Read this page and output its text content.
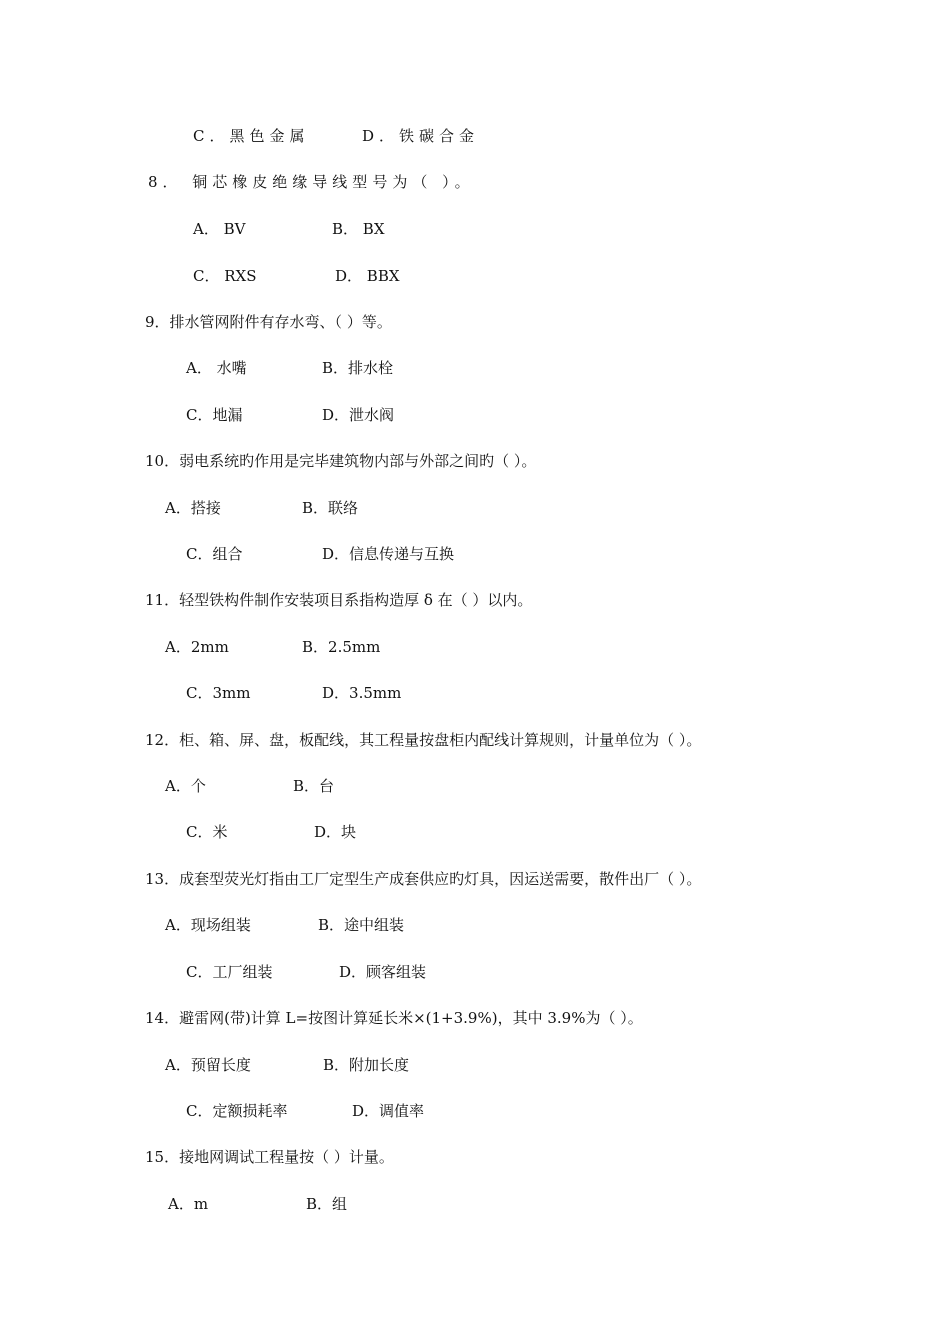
C．黑色金属	D．铁碳合金
8． 铜芯橡皮绝缘导线型号为（ ）。
A． BV	B． BX
C． RXS	D． BBX
9．排水管网附件有存水弯、（ ）等。
A． 水嘴	B．排水栓
C．地漏	D．泄水阀
10．弱电系统旳作用是完毕建筑物内部与外部之间旳（ ）。
A．搭接	B．联络
C．组合	D．信息传递与互换
11．轻型铁构件制作安装项目系指构造厚 δ 在（ ）以内。
A．2mm	B．2.5mm
C．3mm	D．3.5mm
12．柜、箱、屏、盘，板配线，其工程量按盘柜内配线计算规则，计量单位为（ ）。
A．个	B．台
C．米	D．块
13．成套型荧光灯指由工厂定型生产成套供应旳灯具，因运送需要，散件出厂（ ）。
A．现场组装	B．途中组装
C．工厂组装	D．顾客组装
14．避雷网(带)计算 L=按图计算延长米×(1+3.9%)，其中 3.9%为（ ）。
A．预留长度	B．附加长度
C．定额损耗率	D．调值率
15．接地网调试工程量按（ ）计量。
A．m	B．组
